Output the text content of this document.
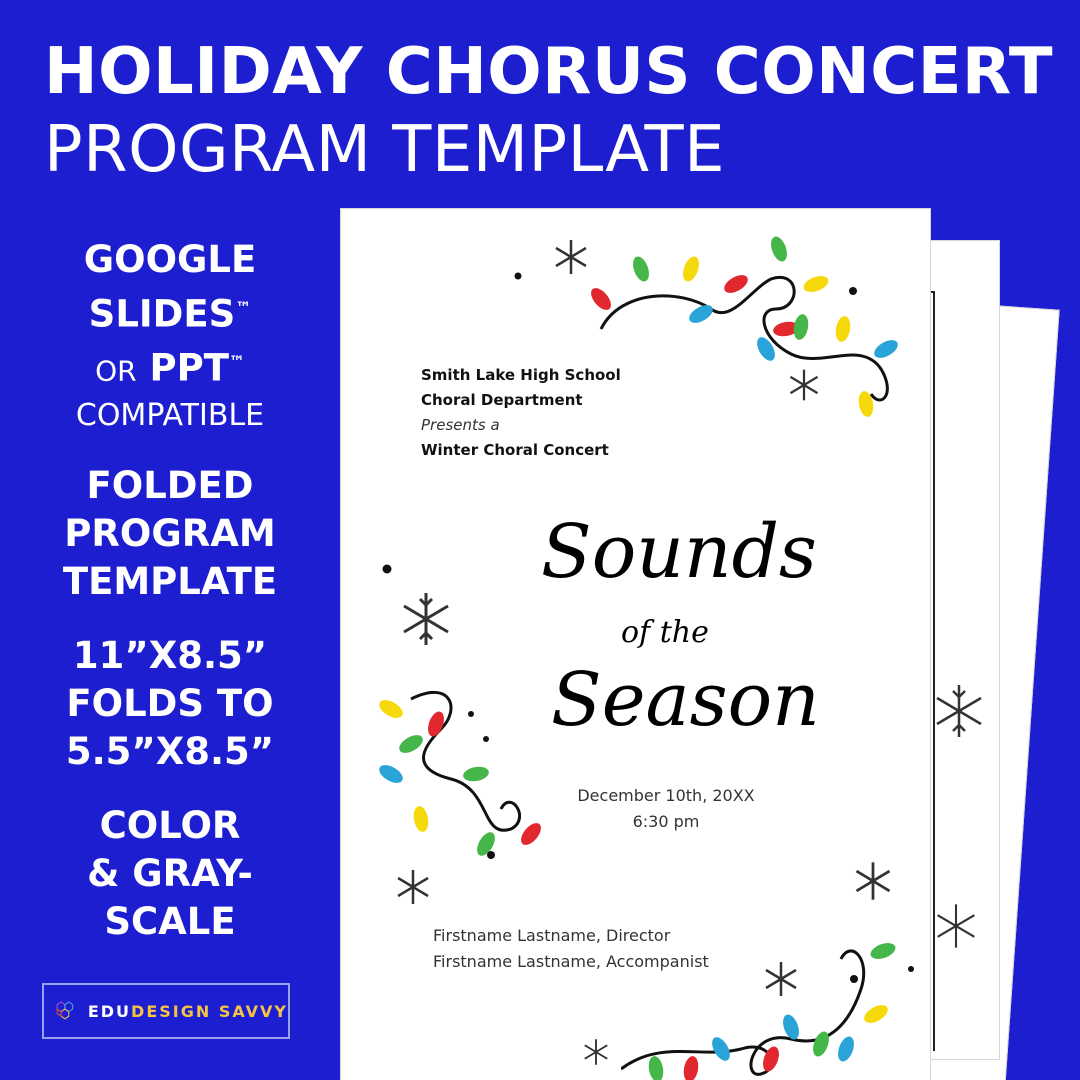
HOLIDAY CHORUS CONCERT
PROGRAM TEMPLATE
GOOGLE
SLIDES™
OR PPT™
COMPATIBLE
FOLDED
PROGRAM
TEMPLATE
11”X8.5”
FOLDS TO
5.5”X8.5”
COLOR
& GRAY-
SCALE
EDUDESIGN SAVVY
Smith Lake High School
Choral Department
Presents a
Winter Choral Concert
Sounds
of the
Season
December 10th, 20XX
6:30 pm
Firstname Lastname, Director
Firstname Lastname, Accompanist
